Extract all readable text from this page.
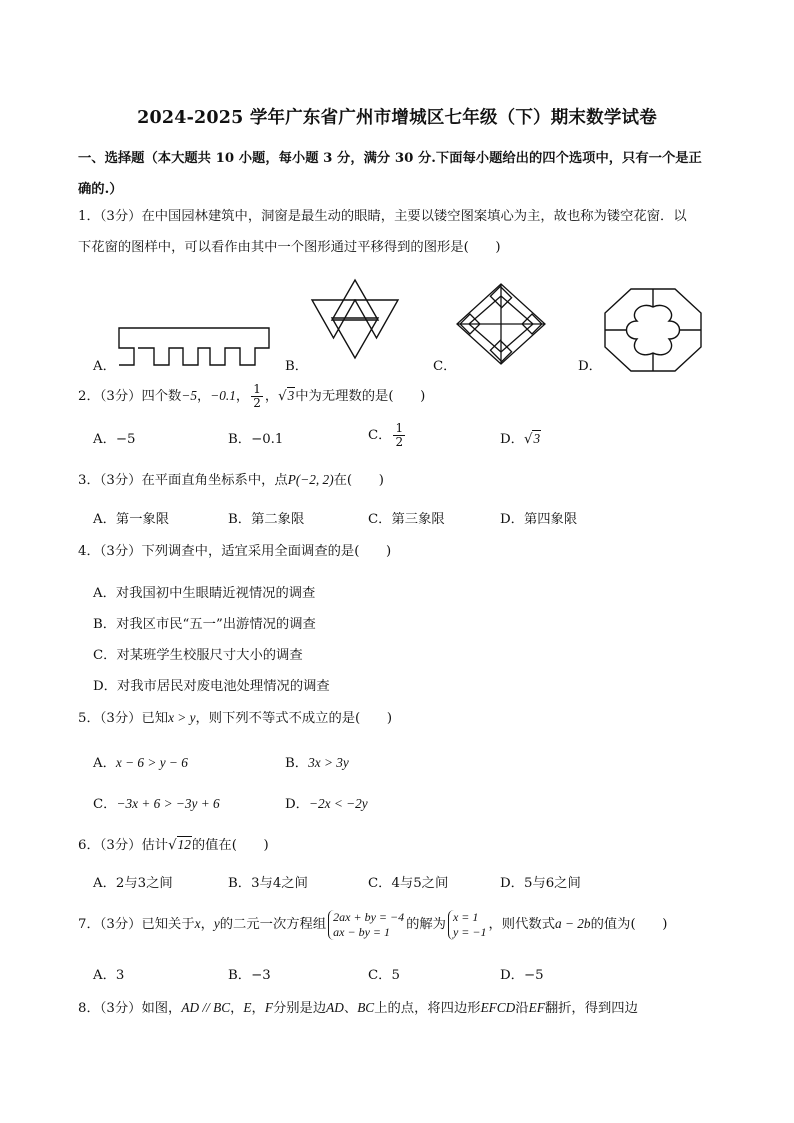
2024-2025 学年广东省广州市增城区七年级（下）期末数学试卷
一、选择题（本大题共 10 小题，每小题 3 分，满分 30 分.下面每小题给出的四个选项中，只有一个是正
确的.）
1．（3分）在中国园林建筑中，洞窗是最生动的眼睛，主要以镂空图案填心为主，故也称为镂空花窗．以
下花窗的图样中，可以看作由其中一个图形通过平移得到的图形是(　　)
A．	B．	C．	D．
2．（3分）四个数−5，−0.1， $\frac{1}{2}$ ，√3中为无理数的是(　　)
A．−5	B．−0.1	C． $\frac{1}{2}$	D．√3
3．（3分）在平面直角坐标系中，点P(−2, 2)在(　　)
A．第一象限	B．第二象限	C．第三象限	D．第四象限
4．（3分）下列调查中，适宜采用全面调查的是(　　)
A．对我国初中生眼睛近视情况的调查
B．对我区市民“五一”出游情况的调查
C．对某班学生校服尺寸大小的调查
D．对我市居民对废电池处理情况的调查
5．（3分）已知x > y，则下列不等式不成立的是(　　)
A．x − 6 > y − 6	B．3x > 3y
C．−3x + 6 > −3y + 6	D．−2x < −2y
6．（3分）估计√12的值在(　　)
A．2与3之间	B．3与4之间	C．4与5之间	D．5与6之间
7．（3分）已知关于x，y的二元一次方程组
2ax + by = −4
ax − by = 1	的解为
x = 1
y = −1 ，则代数式a − 2b的值为(　　)
A．3	B．−3	C．5	D．−5
8．（3分）如图，AD // BC，E，F分别是边AD、BC上的点，将四边形EFCD沿EF翻折，得到四边
